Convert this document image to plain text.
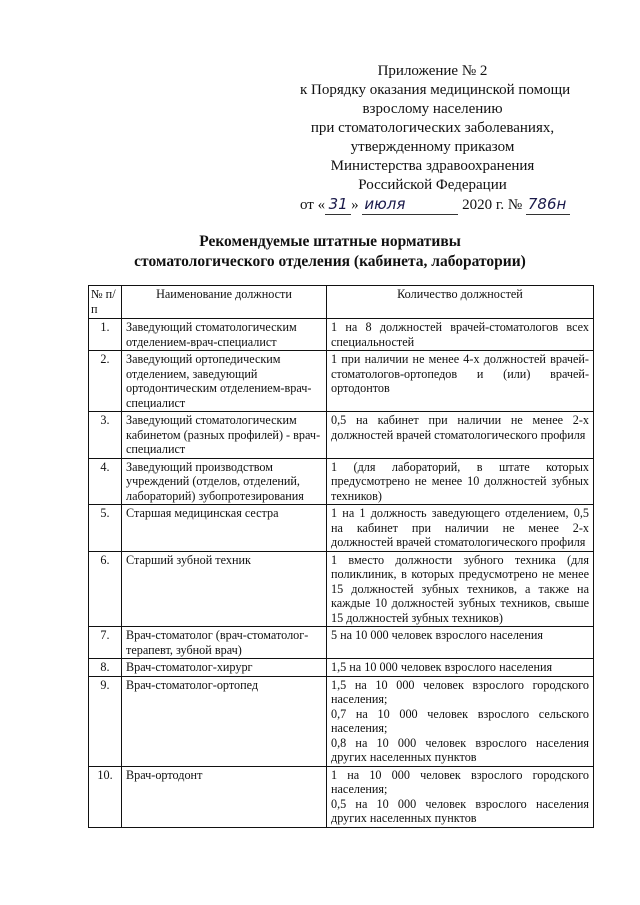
Приложение № 2
к Порядку оказания медицинской помощи
взрослому населению
при стоматологических заболеваниях,
утвержденному приказом
Министерства здравоохранения
Российской Федерации
от « 31 » июля	2020 г. № 786н
Рекомендуемые штатные нормативы
стоматологического отделения (кабинета, лаборатории)
№ п/п	Наименование должности	Количество должностей
1.	Заведующий стоматологическим отделением-врач-специалист	1 на 8 должностей врачей-стоматологов всех специальностей
2.	Заведующий ортопедическим отделением, заведующий ортодонтическим отделением-врач-специалист	1 при наличии не менее 4-х должностей врачей-стоматологов-ортопедов и (или) врачей-ортодонтов
3.	Заведующий стоматологическим кабинетом (разных профилей) - врач-специалист	0,5 на кабинет при наличии не менее 2-х должностей врачей стоматологического профиля
4.	Заведующий производством учреждений (отделов, отделений, лабораторий) зубопротезирования	1 (для лабораторий, в штате которых предусмотрено не менее 10 должностей зубных техников)
5.	Старшая медицинская сестра	1 на 1 должность заведующего отделением, 0,5 на кабинет при наличии не менее 2-х должностей врачей стоматологического профиля
6.	Старший зубной техник	1 вместо должности зубного техника (для поликлиник, в которых предусмотрено не менее 15 должностей зубных техников, а также на каждые 10 должностей зубных техников, свыше 15 должностей зубных техников)
7.	Врач-стоматолог (врач-стоматолог-терапевт, зубной врач)	5 на 10 000 человек взрослого населения
8.	Врач-стоматолог-хирург	1,5 на 10 000 человек взрослого населения
9.	Врач-стоматолог-ортопед	1,5 на 10 000 человек взрослого городского населения;
0,7 на 10 000 человек взрослого сельского населения;
0,8 на 10 000 человек взрослого населения других населенных пунктов
10.	Врач-ортодонт	1 на 10 000 человек взрослого городского населения;
0,5 на 10 000 человек взрослого населения других населенных пунктов
